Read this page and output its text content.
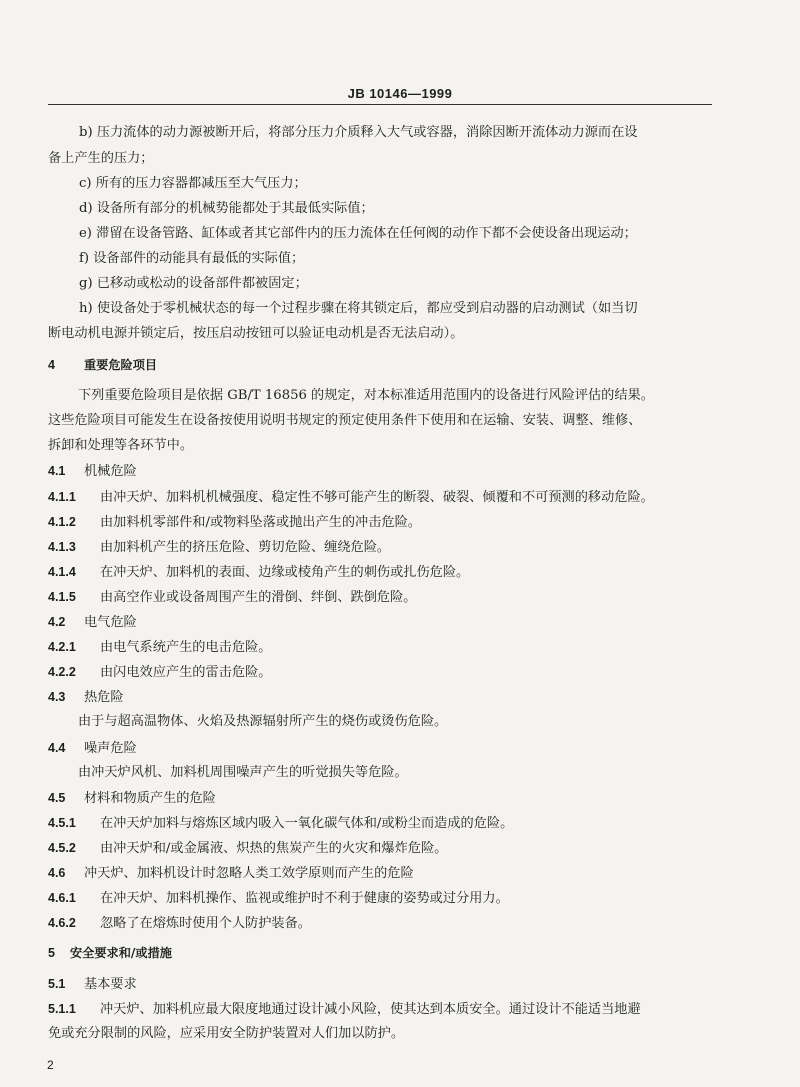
JB 10146—1999
b) 压力流体的动力源被断开后，将部分压力介质释入大气或容器，消除因断开流体动力源而在设
备上产生的压力；
c) 所有的压力容器都减压至大气压力；
d) 设备所有部分的机械势能都处于其最低实际值；
e) 滞留在设备管路、缸体或者其它部件内的压力流体在任何阀的动作下都不会使设备出现运动；
f) 设备部件的动能具有最低的实际值；
g) 已移动或松动的设备部件都被固定；
h) 使设备处于零机械状态的每一个过程步骤在将其锁定后，都应受到启动器的启动测试（如当切
断电动机电源并锁定后，按压启动按钮可以验证电动机是否无法启动）。
4 重要危险项目
下列重要危险项目是依据 GB/T 16856 的规定，对本标准适用范围内的设备进行风险评估的结果。
这些危险项目可能发生在设备按使用说明书规定的预定使用条件下使用和在运输、安装、调整、维修、
拆卸和处理等各环节中。
4.1 机械危险
4.1.1 由冲天炉、加料机机械强度、稳定性不够可能产生的断裂、破裂、倾覆和不可预测的移动危险。
4.1.2 由加料机零部件和/或物料坠落或抛出产生的冲击危险。
4.1.3 由加料机产生的挤压危险、剪切危险、缠绕危险。
4.1.4 在冲天炉、加料机的表面、边缘或棱角产生的刺伤或扎伤危险。
4.1.5 由高空作业或设备周围产生的滑倒、绊倒、跌倒危险。
4.2 电气危险
4.2.1 由电气系统产生的电击危险。
4.2.2 由闪电效应产生的雷击危险。
4.3 热危险
由于与超高温物体、火焰及热源辐射所产生的烧伤或烫伤危险。
4.4 噪声危险
由冲天炉风机、加料机周围噪声产生的听觉损失等危险。
4.5 材料和物质产生的危险
4.5.1 在冲天炉加料与熔炼区域内吸入一氧化碳气体和/或粉尘而造成的危险。
4.5.2 由冲天炉和/或金属液、炽热的焦炭产生的火灾和爆炸危险。
4.6 冲天炉、加料机设计时忽略人类工效学原则而产生的危险
4.6.1 在冲天炉、加料机操作、监视或维护时不利于健康的姿势或过分用力。
4.6.2 忽略了在熔炼时使用个人防护装备。
5 安全要求和/或措施
5.1 基本要求
5.1.1 冲天炉、加料机应最大限度地通过设计减小风险，使其达到本质安全。通过设计不能适当地避
免或充分限制的风险，应采用安全防护装置对人们加以防护。
2
